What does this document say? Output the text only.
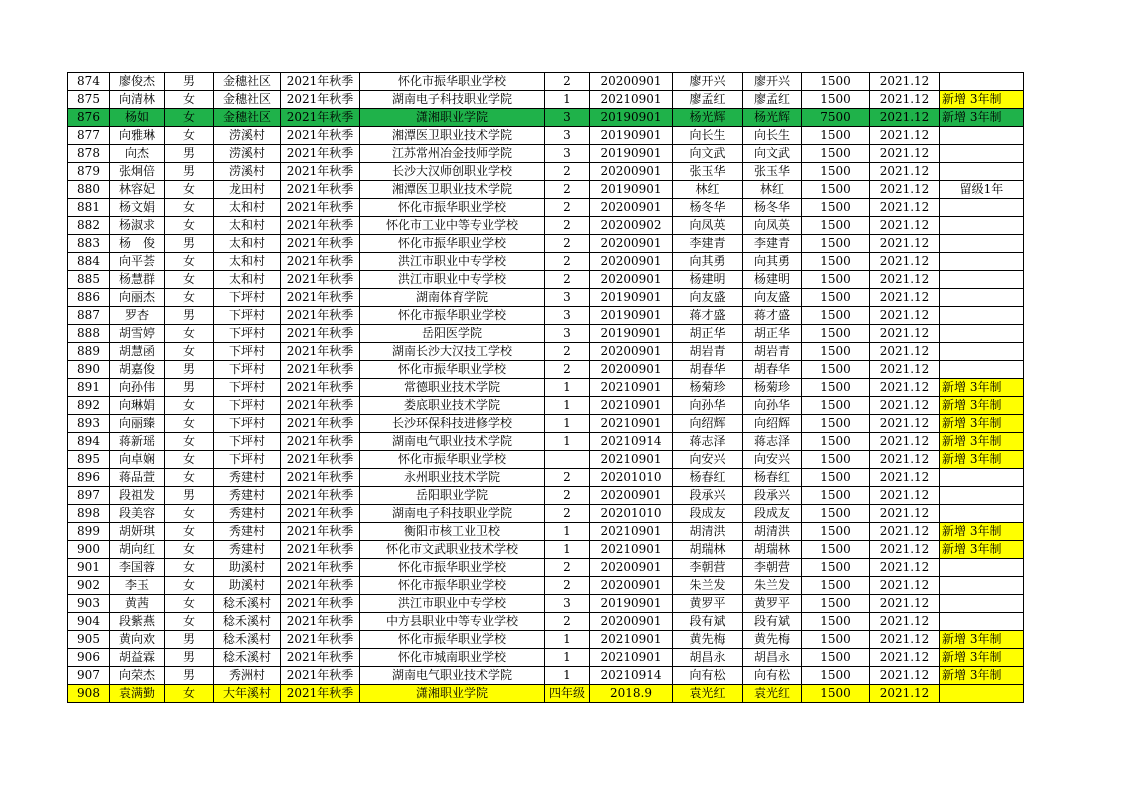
874	廖俊杰	男	金穗社区	2021年秋季	怀化市振华职业学校	2	20200901	廖开兴	廖开兴	1500	2021.12	
875	向清林	女	金穗社区	2021年秋季	湖南电子科技职业学院	1	20210901	廖孟红	廖孟红	1500	2021.12	新增 3年制
876	杨如	女	金穗社区	2021年秋季	潇湘职业学院	3	20190901	杨光辉	杨光辉	7500	2021.12	新增 3年制
877	向雅琳	女	涝溪村	2021年秋季	湘潭医卫职业技术学院	3	20190901	向长生	向长生	1500	2021.12	
878	向杰	男	涝溪村	2021年秋季	江苏常州冶金技师学院	3	20190901	向文武	向文武	1500	2021.12	
879	张炯倍	男	涝溪村	2021年秋季	长沙大汉师创职业学校	2	20200901	张玉华	张玉华	1500	2021.12	
880	林容妃	女	龙田村	2021年秋季	湘潭医卫职业技术学院	2	20190901	林红	林红	1500	2021.12	留级1年
881	杨文娟	女	太和村	2021年秋季	怀化市振华职业学校	2	20200901	杨冬华	杨冬华	1500	2021.12	
882	杨淑求	女	太和村	2021年秋季	怀化市工业中等专业学校	2	20200902	向凤英	向凤英	1500	2021.12	
883	杨　俊	男	太和村	2021年秋季	怀化市振华职业学校	2	20200901	李建青	李建青	1500	2021.12	
884	向平荟	女	太和村	2021年秋季	洪江市职业中专学校	2	20200901	向其勇	向其勇	1500	2021.12	
885	杨慧群	女	太和村	2021年秋季	洪江市职业中专学校	2	20200901	杨建明	杨建明	1500	2021.12	
886	向丽杰	女	下坪村	2021年秋季	湖南体育学院	3	20190901	向友盛	向友盛	1500	2021.12	
887	罗杏	男	下坪村	2021年秋季	怀化市振华职业学校	3	20190901	蒋才盛	蒋才盛	1500	2021.12	
888	胡雪婷	女	下坪村	2021年秋季	岳阳医学院	3	20190901	胡正华	胡正华	1500	2021.12	
889	胡慧函	女	下坪村	2021年秋季	湖南长沙大汉技工学校	2	20200901	胡岩青	胡岩青	1500	2021.12	
890	胡嘉俊	男	下坪村	2021年秋季	怀化市振华职业学校	2	20200901	胡春华	胡春华	1500	2021.12	
891	向孙伟	男	下坪村	2021年秋季	常德职业技术学院	1	20210901	杨菊珍	杨菊珍	1500	2021.12	新增 3年制
892	向琳娟	女	下坪村	2021年秋季	娄底职业技术学院	1	20210901	向孙华	向孙华	1500	2021.12	新增 3年制
893	向丽臻	女	下坪村	2021年秋季	长沙环保科技进修学校	1	20210901	向绍辉	向绍辉	1500	2021.12	新增 3年制
894	蒋新瑶	女	下坪村	2021年秋季	湖南电气职业技术学院	1	20210914	蒋志泽	蒋志泽	1500	2021.12	新增 3年制
895	向卓娴	女	下坪村	2021年秋季	怀化市振华职业学校		20210901	向安兴	向安兴	1500	2021.12	新增 3年制
896	蒋品萱	女	秀建村	2021年秋季	永州职业技术学院	2	20201010	杨春红	杨春红	1500	2021.12	
897	段祖发	男	秀建村	2021年秋季	岳阳职业学院	2	20200901	段承兴	段承兴	1500	2021.12	
898	段美容	女	秀建村	2021年秋季	湖南电子科技职业学院	2	20201010	段成友	段成友	1500	2021.12	
899	胡妍琪	女	秀建村	2021年秋季	衡阳市核工业卫校	1	20210901	胡清洪	胡清洪	1500	2021.12	新增 3年制
900	胡向红	女	秀建村	2021年秋季	怀化市文武职业技术学校	1	20210901	胡瑞林	胡瑞林	1500	2021.12	新增 3年制
901	李国蓉	女	助溪村	2021年秋季	怀化市振华职业学校	2	20200901	李朝营	李朝营	1500	2021.12	
902	李玉	女	助溪村	2021年秋季	怀化市振华职业学校	2	20200901	朱兰发	朱兰发	1500	2021.12	
903	黄茜	女	稔禾溪村	2021年秋季	洪江市职业中专学校	3	20190901	黄罗平	黄罗平	1500	2021.12	
904	段紫燕	女	稔禾溪村	2021年秋季	中方县职业中等专业学校	2	20200901	段有斌	段有斌	1500	2021.12	
905	黄向欢	男	稔禾溪村	2021年秋季	怀化市振华职业学校	1	20210901	黄先梅	黄先梅	1500	2021.12	新增 3年制
906	胡益霖	男	稔禾溪村	2021年秋季	怀化市城南职业学校	1	20210901	胡昌永	胡昌永	1500	2021.12	新增 3年制
907	向荣杰	男	秀洲村	2021年秋季	湖南电气职业技术学院	1	20210914	向有松	向有松	1500	2021.12	新增 3年制
908	袁满勤	女	大年溪村	2021年秋季	潇湘职业学院	四年级	2018.9	袁光红	袁光红	1500	2021.12	
